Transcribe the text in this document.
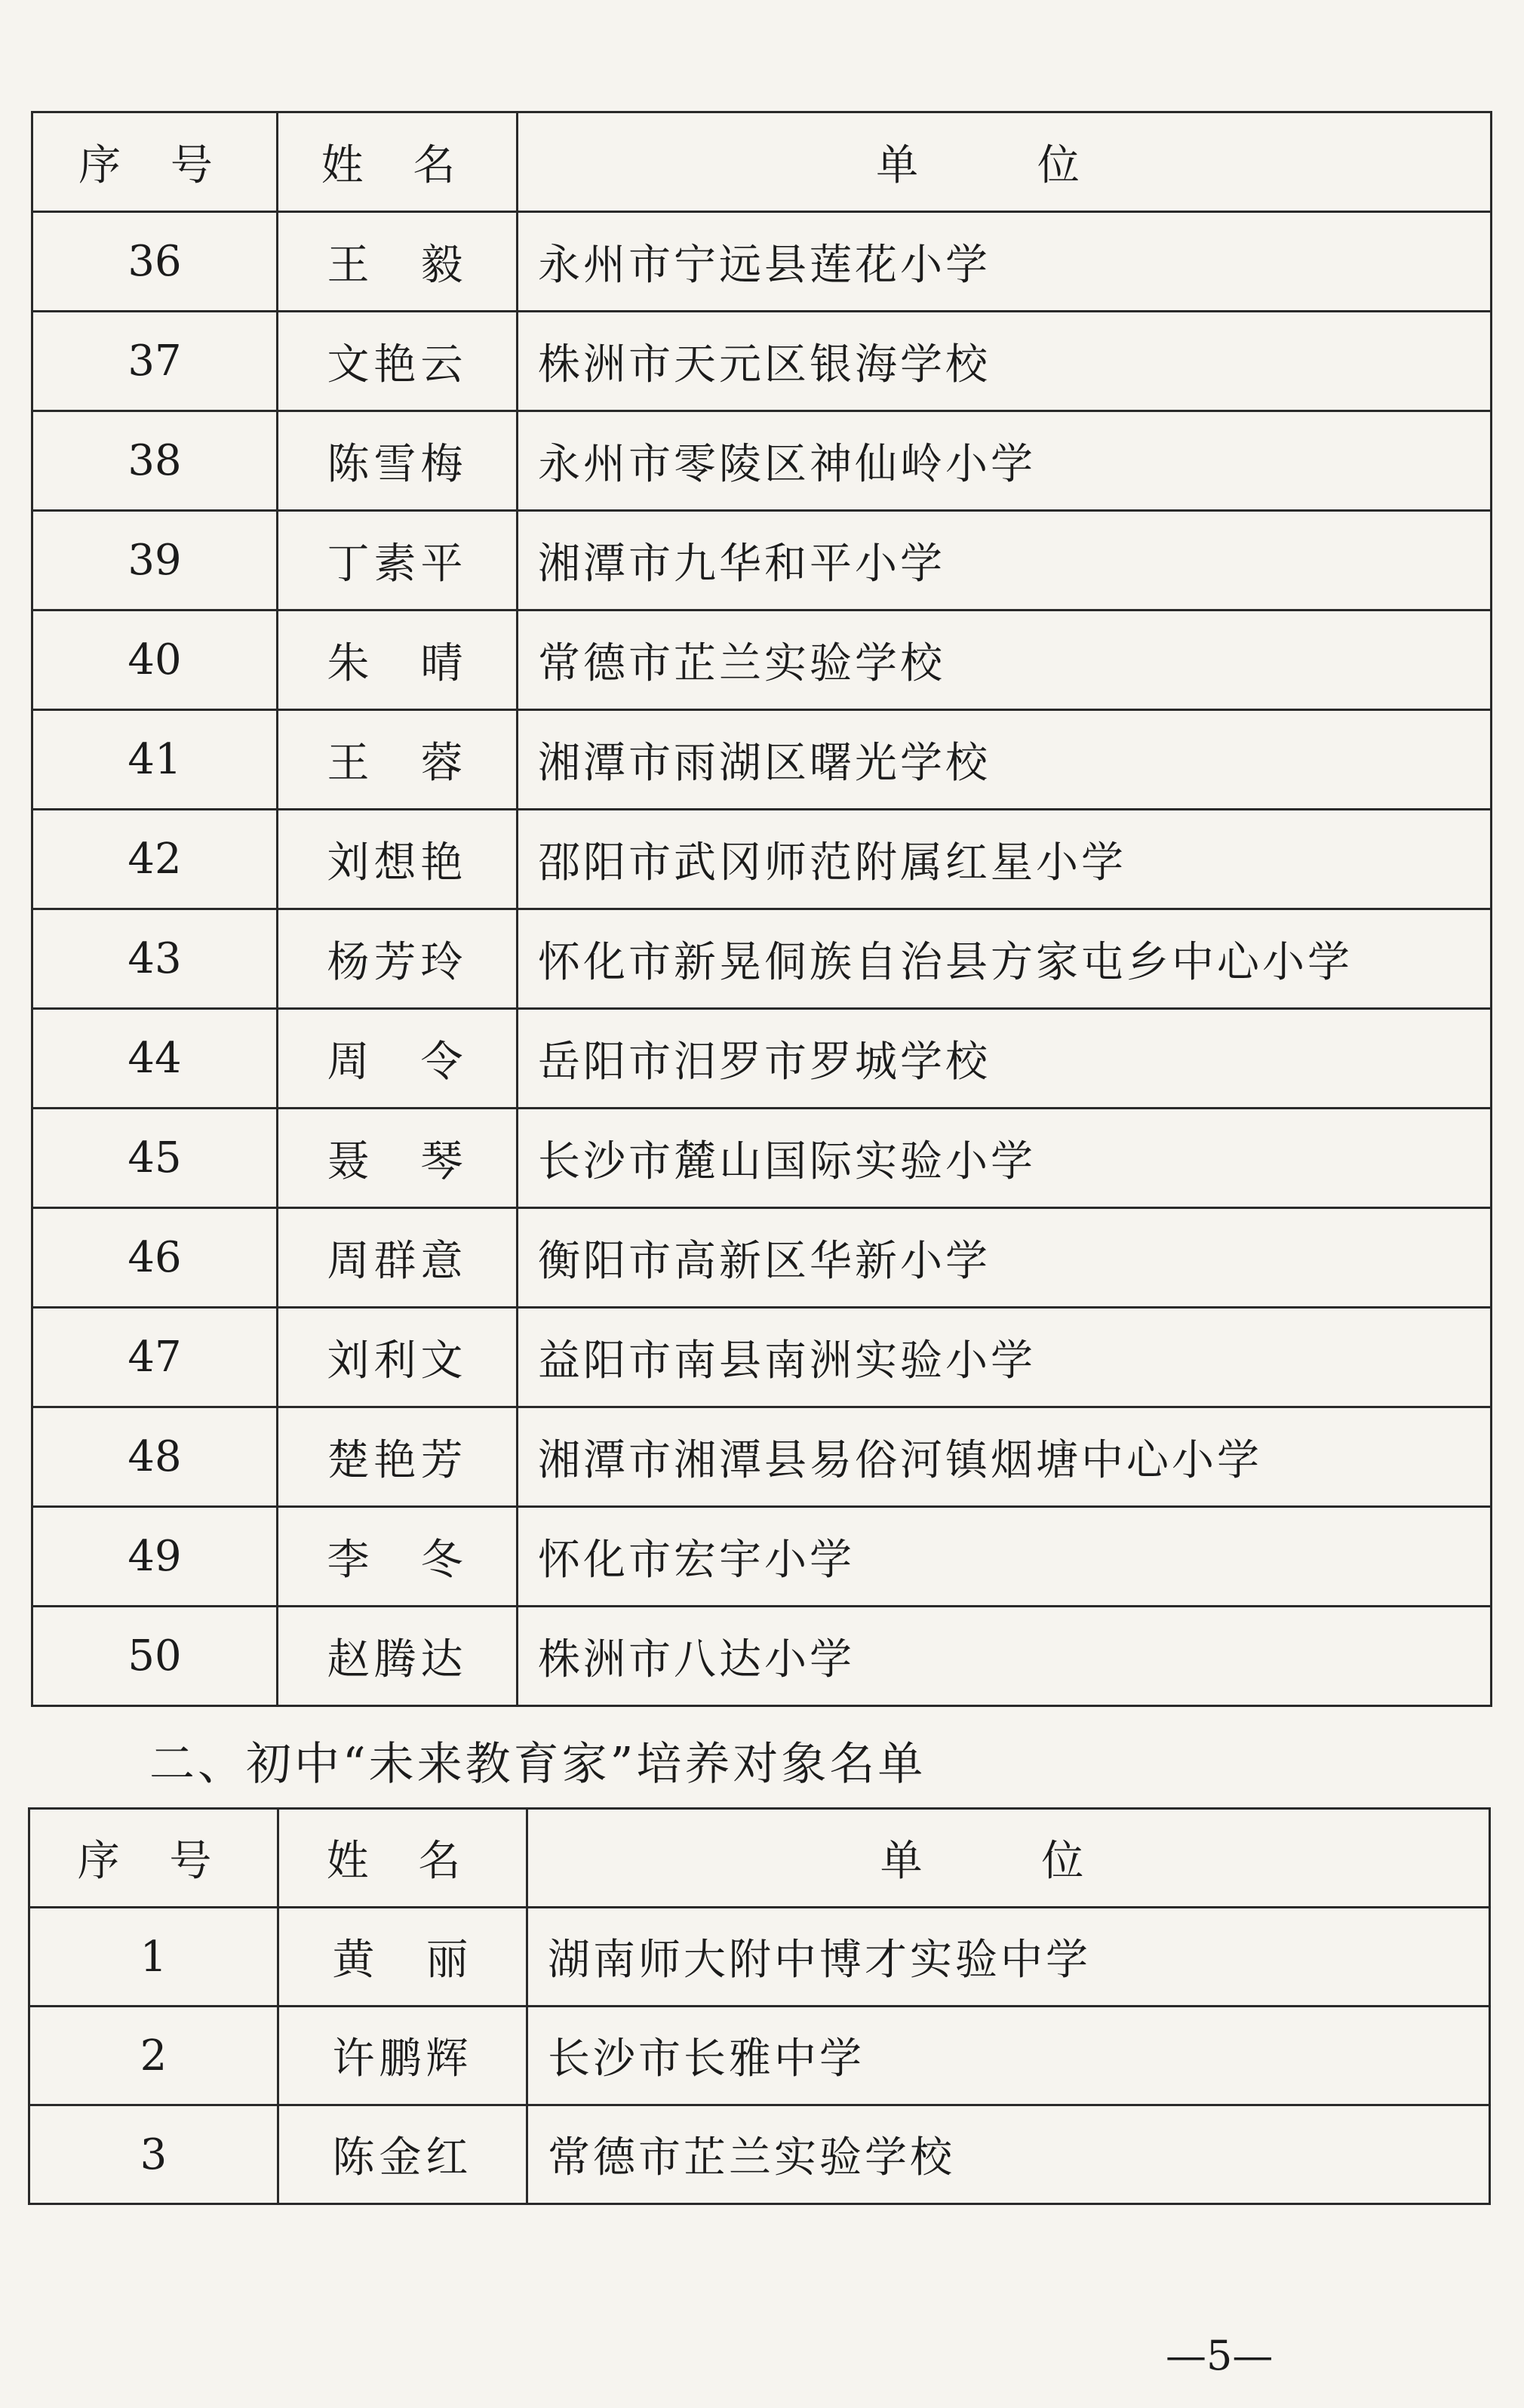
序 号	姓 名	单 位
36	王　毅	永州市宁远县莲花小学
37	文艳云	株洲市天元区银海学校
38	陈雪梅	永州市零陵区神仙岭小学
39	丁素平	湘潭市九华和平小学
40	朱　晴	常德市芷兰实验学校
41	王　蓉	湘潭市雨湖区曙光学校
42	刘想艳	邵阳市武冈师范附属红星小学
43	杨芳玲	怀化市新晃侗族自治县方家屯乡中心小学
44	周　令	岳阳市汨罗市罗城学校
45	聂　琴	长沙市麓山国际实验小学
46	周群意	衡阳市高新区华新小学
47	刘利文	益阳市南县南洲实验小学
48	楚艳芳	湘潭市湘潭县易俗河镇烟塘中心小学
49	李　冬	怀化市宏宇小学
50	赵腾达	株洲市八达小学
二、初中“未来教育家”培养对象名单
序 号	姓 名	单 位
1	黄　丽	湖南师大附中博才实验中学
2	许鹏辉	长沙市长雅中学
3	陈金红	常德市芷兰实验学校
—5—
